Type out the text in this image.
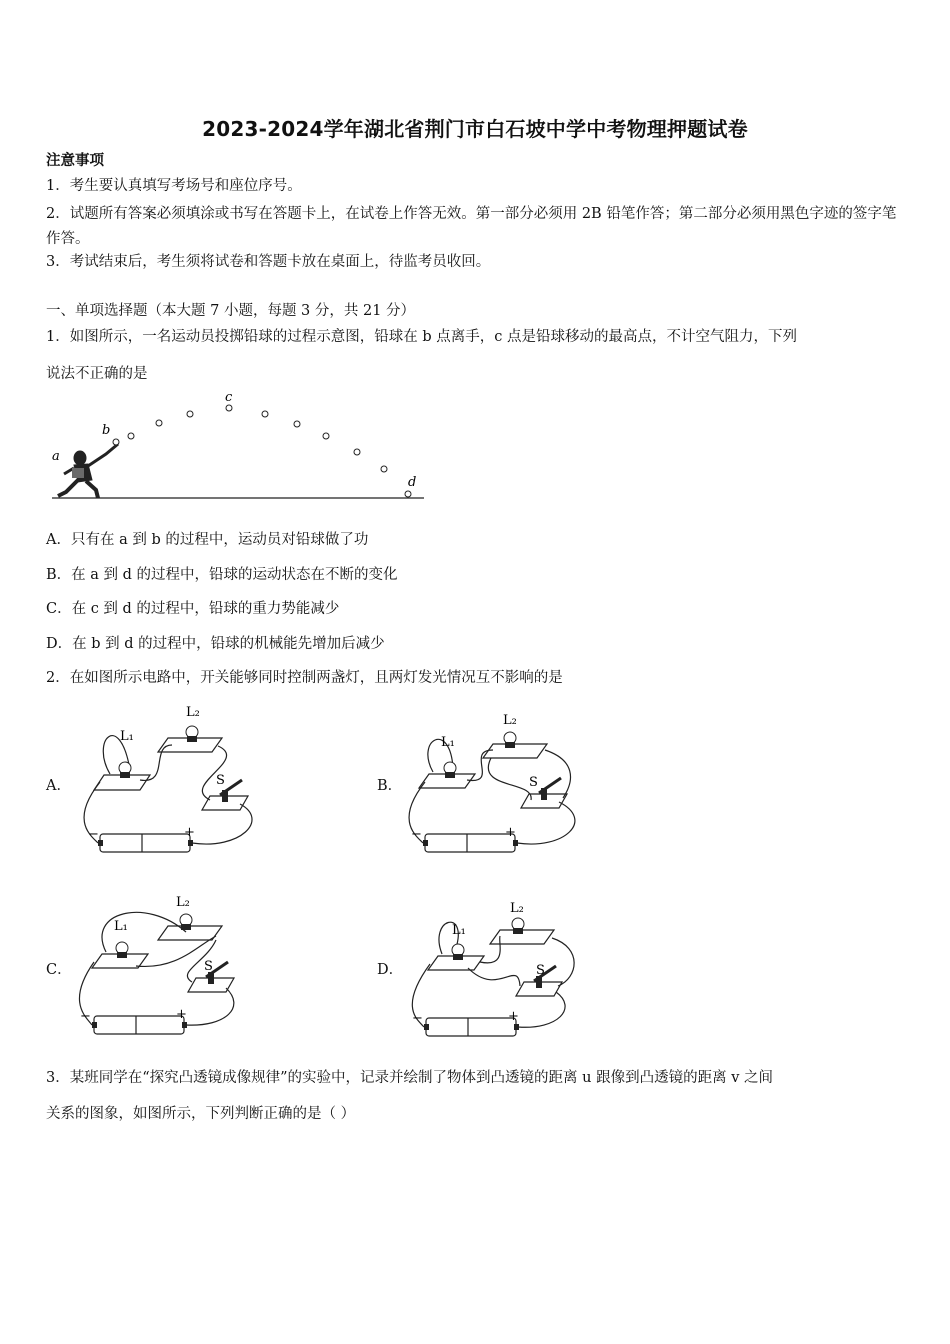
2023-2024学年湖北省荆门市白石坡中学中考物理押题试卷
注意事项
1．考生要认真填写考场号和座位序号。
2．试题所有答案必须填涂或书写在答题卡上，在试卷上作答无效。第一部分必须用 2B 铅笔作答；第二部分必须用黑色字迹的签字笔作答。
3．考试结束后，考生须将试卷和答题卡放在桌面上，待监考员收回。
一、单项选择题（本大题 7 小题，每题 3 分，共 21 分）
1．如图所示，一名运动员投掷铅球的过程示意图，铅球在 b 点离手，c 点是铅球移动的最高点，不计空气阻力，下列
说法不正确的是
a
b
c
d
A．只有在 a 到 b 的过程中，运动员对铅球做了功
B．在 a 到 d 的过程中，铅球的运动状态在不断的变化
C．在 c 到 d 的过程中，铅球的重力势能减少
D．在 b 到 d 的过程中，铅球的机械能先增加后减少
2．在如图所示电路中，开关能够同时控制两盏灯，且两灯发光情况互不影响的是
A．	B．
C．	D．
L₁
L₂
S
−	+
L₁
L₂
S
−	+
L₁
L₂
S
−	+
L₁
L₂
S
−	+
3．某班同学在“探究凸透镜成像规律”的实验中，记录并绘制了物体到凸透镜的距离 u 跟像到凸透镜的距离 v 之间
关系的图象，如图所示，下列判断正确的是（ ）
